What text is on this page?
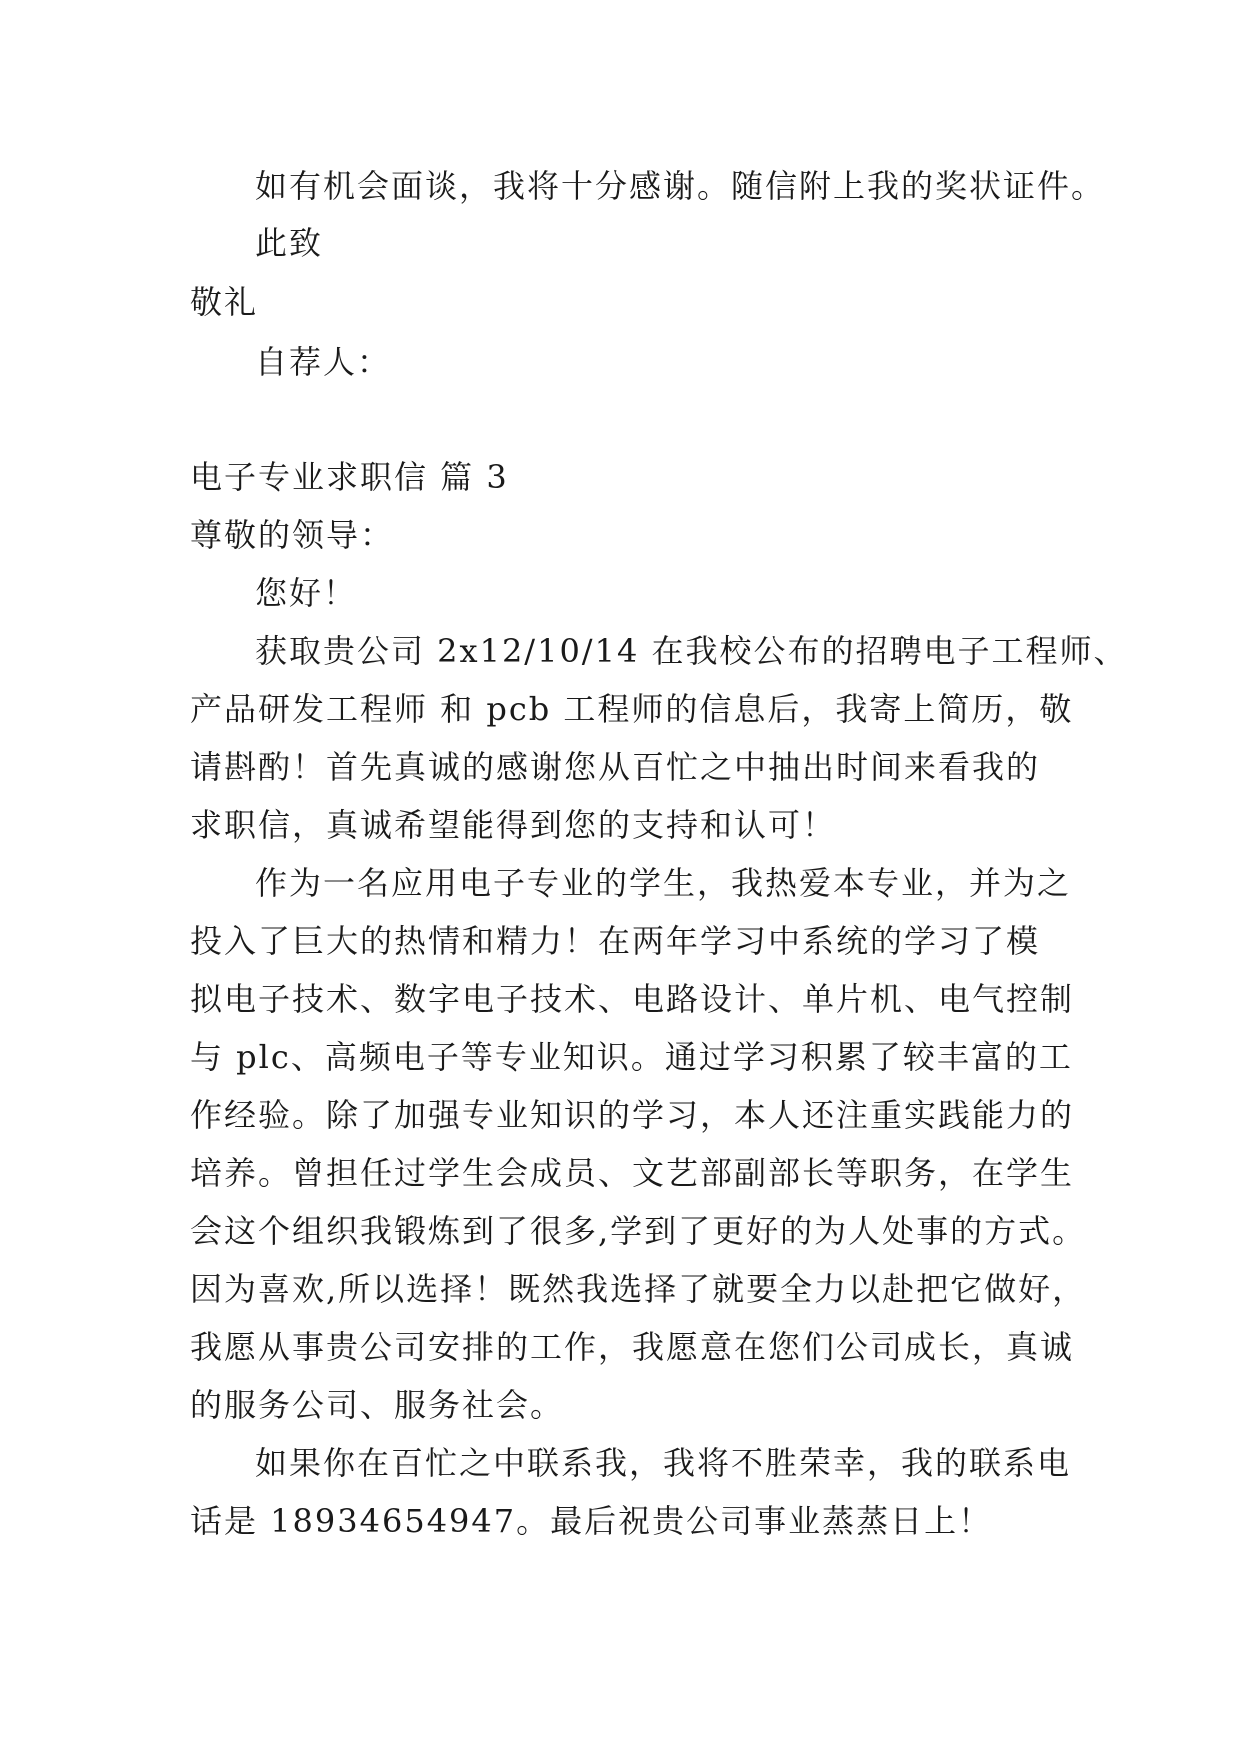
如有机会面谈，我将十分感谢。随信附上我的奖状证件。
此致
敬礼
自荐人：
电子专业求职信 篇 3
尊敬的领导：
您好！
获取贵公司 2x12/10/14 在我校公布的招聘电子工程师、
产品研发工程师 和 pcb 工程师的信息后，我寄上简历，敬
请斟酌！首先真诚的感谢您从百忙之中抽出时间来看我的
求职信，真诚希望能得到您的支持和认可！
作为一名应用电子专业的学生，我热爱本专业，并为之
投入了巨大的热情和精力！在两年学习中系统的学习了模
拟电子技术、数字电子技术、电路设计、单片机、电气控制
与 plc、高频电子等专业知识。通过学习积累了较丰富的工
作经验。除了加强专业知识的学习，本人还注重实践能力的
培养。曾担任过学生会成员、文艺部副部长等职务，在学生
会这个组织我锻炼到了很多,学到了更好的为人处事的方式。
因为喜欢,所以选择！既然我选择了就要全力以赴把它做好，
我愿从事贵公司安排的工作，我愿意在您们公司成长，真诚
的服务公司、服务社会。
如果你在百忙之中联系我，我将不胜荣幸，我的联系电
话是 18934654947。最后祝贵公司事业蒸蒸日上！
